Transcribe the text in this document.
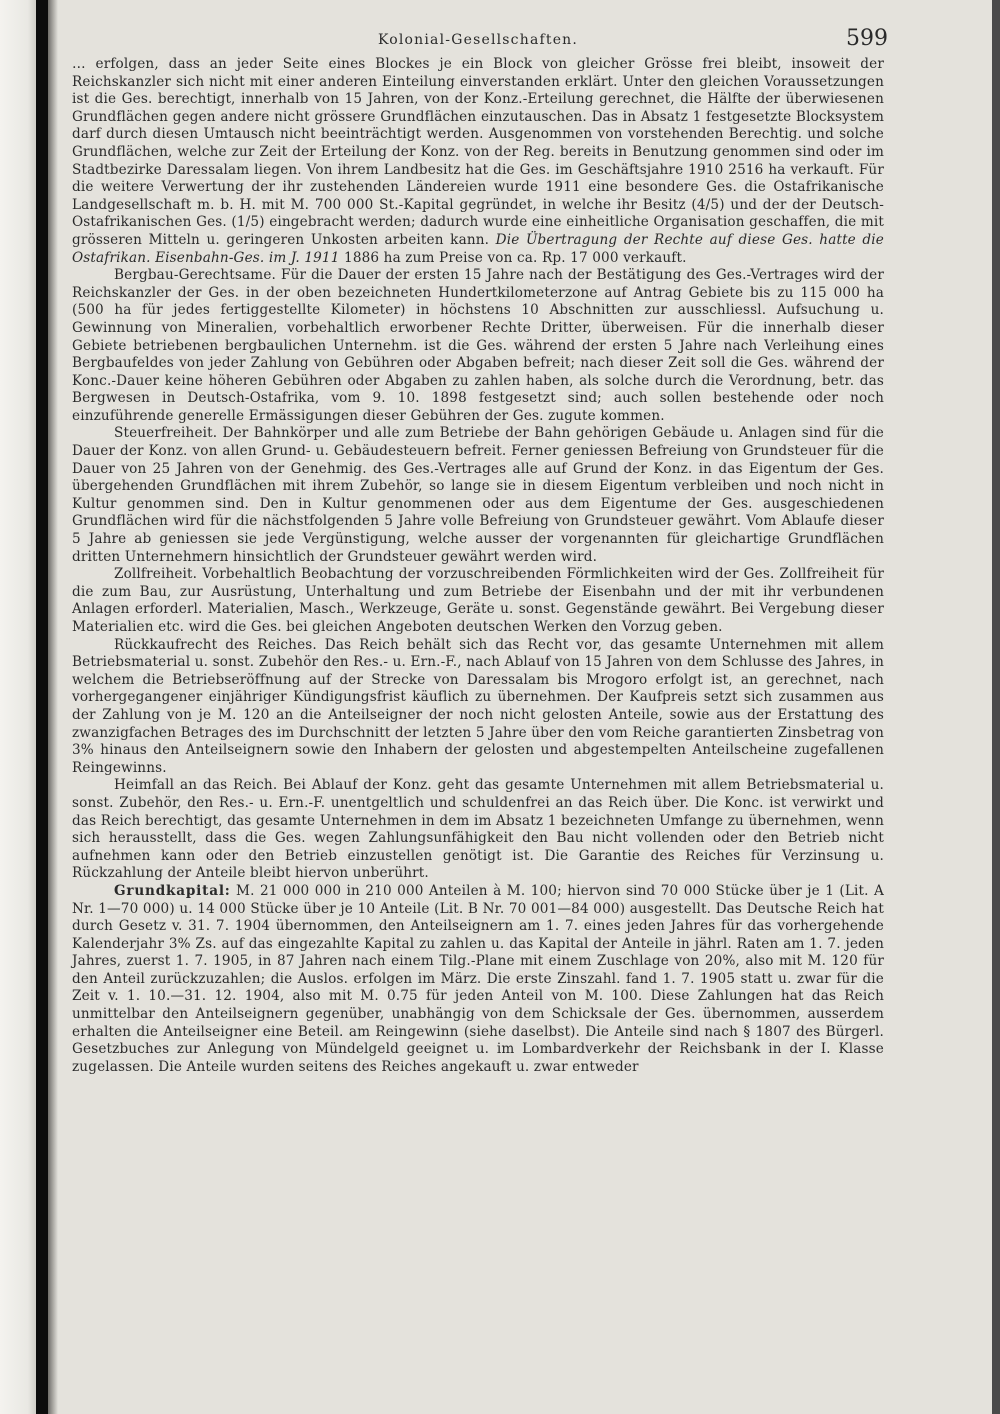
Kolonial-Gesellschaften.	599

… erfolgen, dass an jeder Seite eines Blockes je ein Block von gleicher Grösse frei bleibt, insoweit der Reichskanzler sich nicht mit einer anderen Einteilung einverstanden erklärt. Unter den gleichen Voraussetzungen ist die Ges. berechtigt, innerhalb von 15 Jahren, von der Konz.-Erteilung gerechnet, die Hälfte der überwiesenen Grundflächen gegen andere nicht grössere Grundflächen einzutauschen. Das in Absatz 1 festgesetzte Blocksystem darf durch diesen Umtausch nicht beeinträchtigt werden. Ausgenommen von vorstehenden Berechtig. und solche Grundflächen, welche zur Zeit der Erteilung der Konz. von der Reg. bereits in Benutzung genommen sind oder im Stadtbezirke Daressalam liegen. Von ihrem Landbesitz hat die Ges. im Geschäftsjahre 1910 2516 ha verkauft. Für die weitere Verwertung der ihr zustehenden Ländereien wurde 1911 eine besondere Ges. die Ostafrikanische Landgesellschaft m. b. H. mit M. 700 000 St.-Kapital gegründet, in welche ihr Besitz (4/5) und der der Deutsch-Ostafrikanischen Ges. (1/5) eingebracht werden; dadurch wurde eine einheitliche Organisation geschaffen, die mit grösseren Mitteln u. geringeren Unkosten arbeiten kann. Die Übertragung der Rechte auf diese Ges. hatte die Ostafrikan. Eisenbahn-Ges. im J. 1911 1886 ha zum Preise von ca. Rp. 17 000 verkauft.

Bergbau-Gerechtsame. Für die Dauer der ersten 15 Jahre nach der Bestätigung des Ges.-Vertrages wird der Reichskanzler der Ges. in der oben bezeichneten Hundertkilometerzone auf Antrag Gebiete bis zu 115 000 ha (500 ha für jedes fertiggestellte Kilometer) in höchstens 10 Abschnitten zur ausschliessl. Aufsuchung u. Gewinnung von Mineralien, vorbehaltlich erworbener Rechte Dritter, überweisen. Für die innerhalb dieser Gebiete betriebenen bergbaulichen Unternehm. ist die Ges. während der ersten 5 Jahre nach Verleihung eines Bergbaufeldes von jeder Zahlung von Gebühren oder Abgaben befreit; nach dieser Zeit soll die Ges. während der Konc.-Dauer keine höheren Gebühren oder Abgaben zu zahlen haben, als solche durch die Verordnung, betr. das Bergwesen in Deutsch-Ostafrika, vom 9. 10. 1898 festgesetzt sind; auch sollen bestehende oder noch einzuführende generelle Ermässigungen dieser Gebühren der Ges. zugute kommen.

Steuerfreiheit. Der Bahnkörper und alle zum Betriebe der Bahn gehörigen Gebäude u. Anlagen sind für die Dauer der Konz. von allen Grund- u. Gebäudesteuern befreit. Ferner geniessen Befreiung von Grundsteuer für die Dauer von 25 Jahren von der Genehmig. des Ges.-Vertrages alle auf Grund der Konz. in das Eigentum der Ges. übergehenden Grundflächen mit ihrem Zubehör, so lange sie in diesem Eigentum verbleiben und noch nicht in Kultur genommen sind. Den in Kultur genommenen oder aus dem Eigentume der Ges. ausgeschiedenen Grundflächen wird für die nächstfolgenden 5 Jahre volle Befreiung von Grundsteuer gewährt. Vom Ablaufe dieser 5 Jahre ab geniessen sie jede Vergünstigung, welche ausser der vorgenannten für gleichartige Grundflächen dritten Unternehmern hinsichtlich der Grundsteuer gewährt werden wird.

Zollfreiheit. Vorbehaltlich Beobachtung der vorzuschreibenden Förmlichkeiten wird der Ges. Zollfreiheit für die zum Bau, zur Ausrüstung, Unterhaltung und zum Betriebe der Eisenbahn und der mit ihr verbundenen Anlagen erforderl. Materialien, Masch., Werkzeuge, Geräte u. sonst. Gegenstände gewährt. Bei Vergebung dieser Materialien etc. wird die Ges. bei gleichen Angeboten deutschen Werken den Vorzug geben.

Rückkaufrecht des Reiches. Das Reich behält sich das Recht vor, das gesamte Unternehmen mit allem Betriebsmaterial u. sonst. Zubehör den Res.- u. Ern.-F., nach Ablauf von 15 Jahren von dem Schlusse des Jahres, in welchem die Betriebseröffnung auf der Strecke von Daressalam bis Mrogoro erfolgt ist, an gerechnet, nach vorhergegangener einjähriger Kündigungsfrist käuflich zu übernehmen. Der Kaufpreis setzt sich zusammen aus der Zahlung von je M. 120 an die Anteilseigner der noch nicht gelosten Anteile, sowie aus der Erstattung des zwanzigfachen Betrages des im Durchschnitt der letzten 5 Jahre über den vom Reiche garantierten Zinsbetrag von 3% hinaus den Anteilseignern sowie den Inhabern der gelosten und abgestempelten Anteilscheine zugefallenen Reingewinns.

Heimfall an das Reich. Bei Ablauf der Konz. geht das gesamte Unternehmen mit allem Betriebsmaterial u. sonst. Zubehör, den Res.- u. Ern.-F. unentgeltlich und schuldenfrei an das Reich über. Die Konc. ist verwirkt und das Reich berechtigt, das gesamte Unternehmen in dem im Absatz 1 bezeichneten Umfange zu übernehmen, wenn sich herausstellt, dass die Ges. wegen Zahlungsunfähigkeit den Bau nicht vollenden oder den Betrieb nicht aufnehmen kann oder den Betrieb einzustellen genötigt ist. Die Garantie des Reiches für Verzinsung u. Rückzahlung der Anteile bleibt hiervon unberührt.

Grundkapital: M. 21 000 000 in 210 000 Anteilen à M. 100; hiervon sind 70 000 Stücke über je 1 (Lit. A Nr. 1—70 000) u. 14 000 Stücke über je 10 Anteile (Lit. B Nr. 70 001—84 000) ausgestellt. Das Deutsche Reich hat durch Gesetz v. 31. 7. 1904 übernommen, den Anteilseignern am 1. 7. eines jeden Jahres für das vorhergehende Kalenderjahr 3% Zs. auf das eingezahlte Kapital zu zahlen u. das Kapital der Anteile in jährl. Raten am 1. 7. jeden Jahres, zuerst 1. 7. 1905, in 87 Jahren nach einem Tilg.-Plane mit einem Zuschlage von 20%, also mit M. 120 für den Anteil zurückzuzahlen; die Auslos. erfolgen im März. Die erste Zinszahl. fand 1. 7. 1905 statt u. zwar für die Zeit v. 1. 10.—31. 12. 1904, also mit M. 0.75 für jeden Anteil von M. 100. Diese Zahlungen hat das Reich unmittelbar den Anteilseignern gegenüber, unabhängig von dem Schicksale der Ges. übernommen, ausserdem erhalten die Anteilseigner eine Beteil. am Reingewinn (siehe daselbst). Die Anteile sind nach § 1807 des Bürgerl. Gesetzbuches zur Anlegung von Mündelgeld geeignet u. im Lombardverkehr der Reichsbank in der I. Klasse zugelassen. Die Anteile wurden seitens des Reiches angekauft u. zwar entweder
